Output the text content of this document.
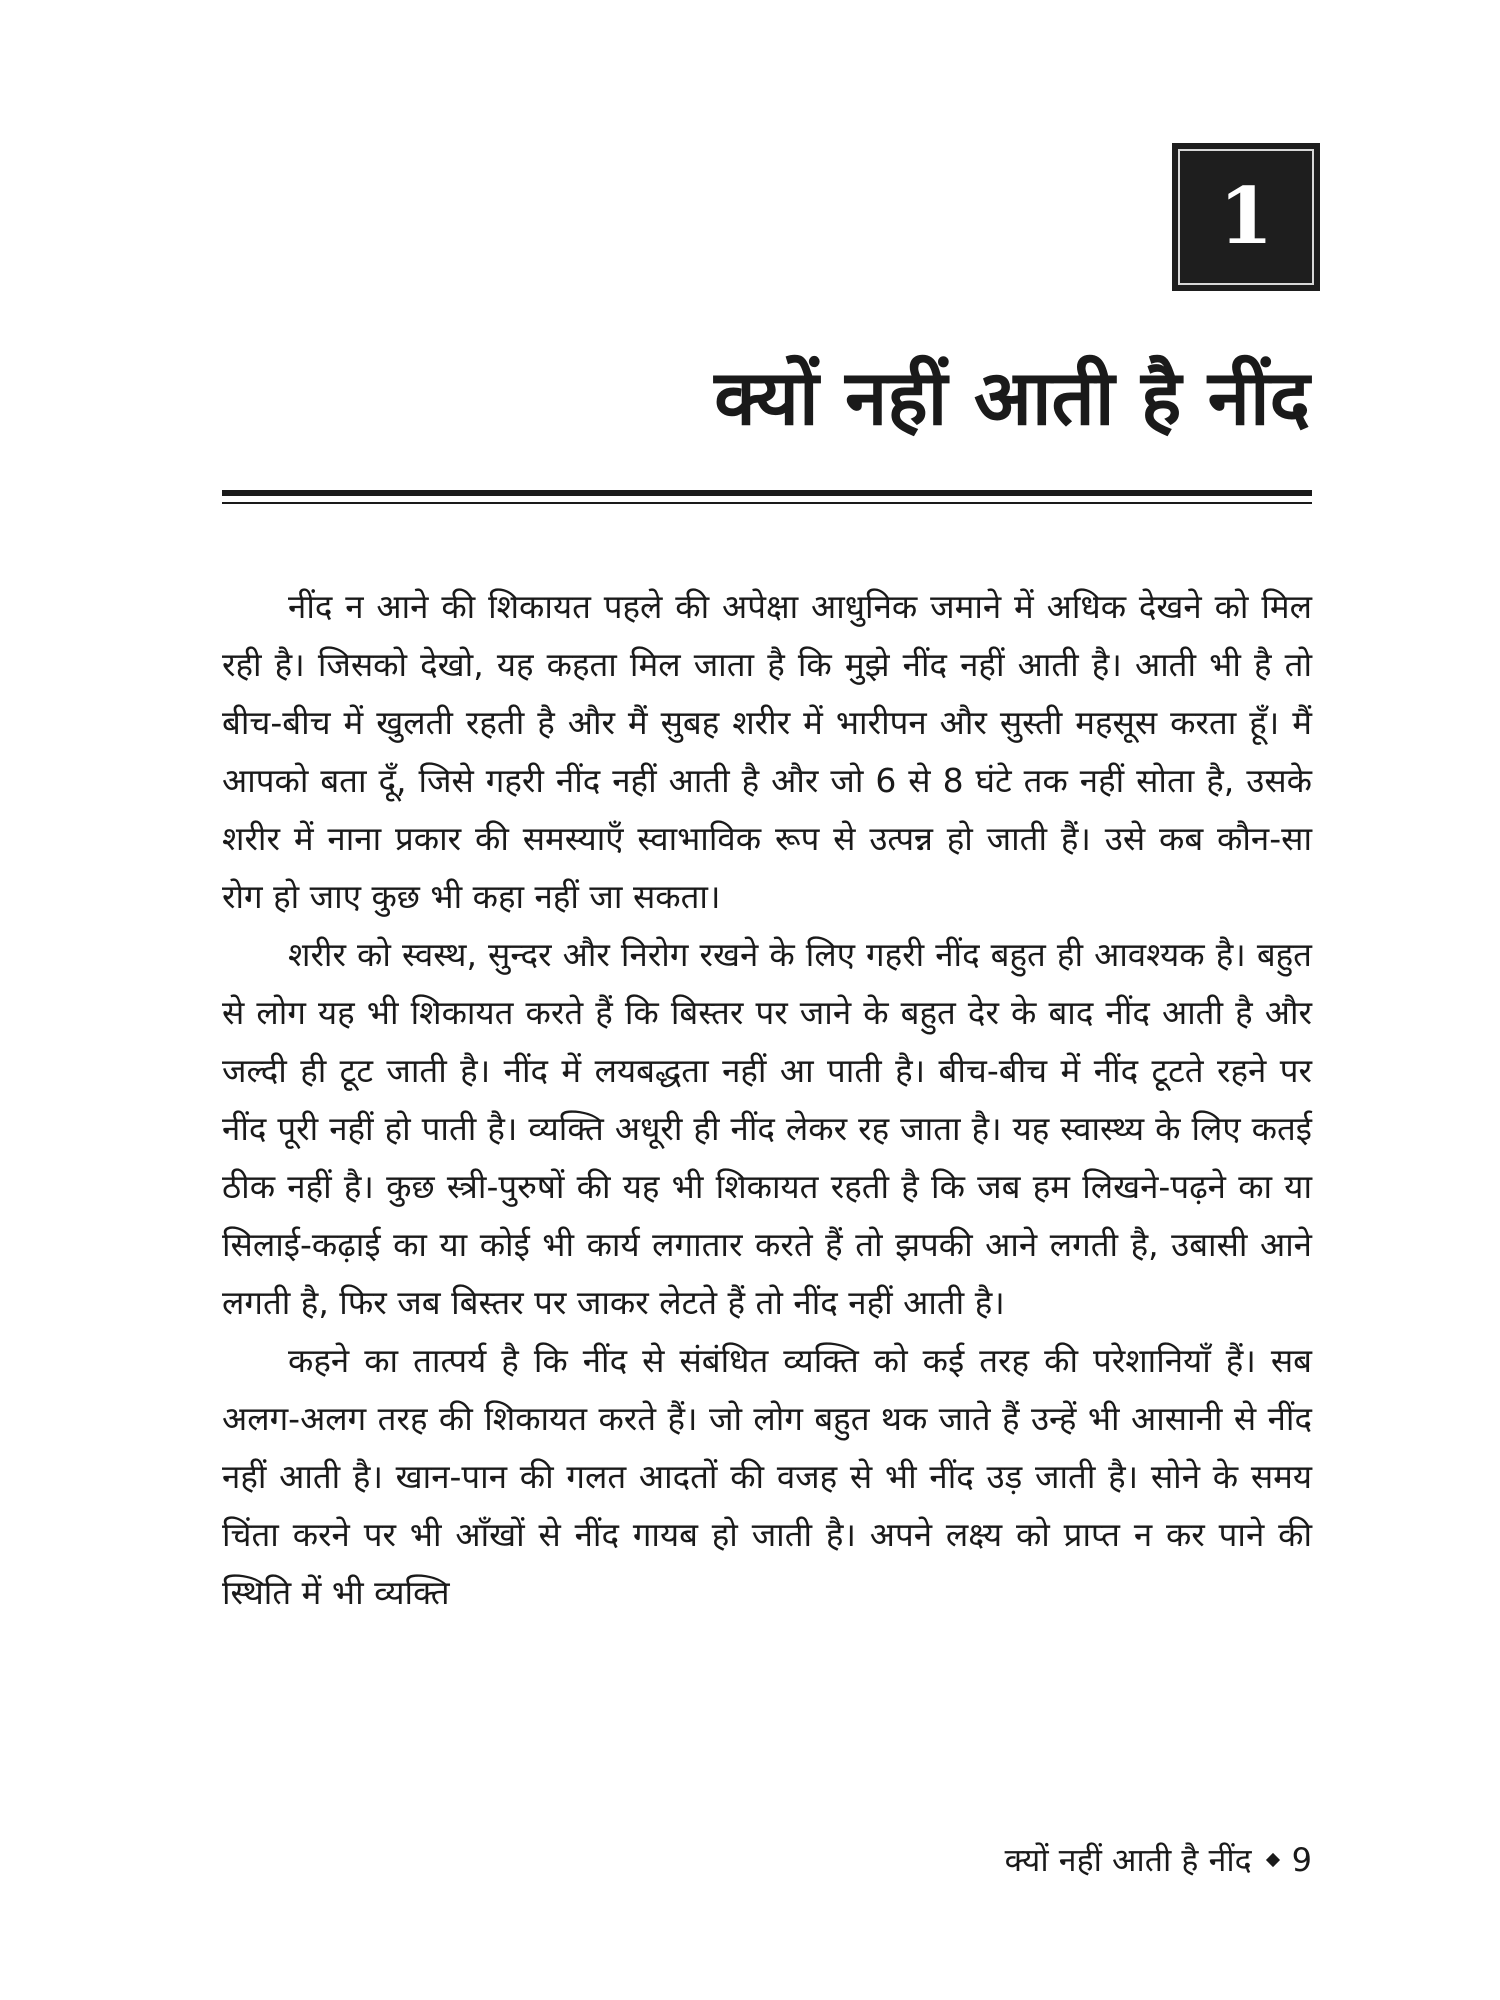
1
क्यों नहीं आती है नींद

नींद न आने की शिकायत पहले की अपेक्षा आधुनिक जमाने में अधिक देखने को मिल रही है। जिसको देखो, यह कहता मिल जाता है कि मुझे नींद नहीं आती है। आती भी है तो बीच-बीच में खुलती रहती है और मैं सुबह शरीर में भारीपन और सुस्ती महसूस करता हूँ। मैं आपको बता दूँ, जिसे गहरी नींद नहीं आती है और जो 6 से 8 घंटे तक नहीं सोता है, उसके शरीर में नाना प्रकार की समस्याएँ स्वाभाविक रूप से उत्पन्न हो जाती हैं। उसे कब कौन-सा रोग हो जाए कुछ भी कहा नहीं जा सकता।

शरीर को स्वस्थ, सुन्दर और निरोग रखने के लिए गहरी नींद बहुत ही आवश्यक है। बहुत से लोग यह भी शिकायत करते हैं कि बिस्तर पर जाने के बहुत देर के बाद नींद आती है और जल्दी ही टूट जाती है। नींद में लयबद्धता नहीं आ पाती है। बीच-बीच में नींद टूटते रहने पर नींद पूरी नहीं हो पाती है। व्यक्ति अधूरी ही नींद लेकर रह जाता है। यह स्वास्थ्य के लिए कतई ठीक नहीं है। कुछ स्त्री-पुरुषों की यह भी शिकायत रहती है कि जब हम लिखने-पढ़ने का या सिलाई-कढ़ाई का या कोई भी कार्य लगातार करते हैं तो झपकी आने लगती है, उबासी आने लगती है, फिर जब बिस्तर पर जाकर लेटते हैं तो नींद नहीं आती है।

कहने का तात्पर्य है कि नींद से संबंधित व्यक्ति को कई तरह की परेशानियाँ हैं। सब अलग-अलग तरह की शिकायत करते हैं। जो लोग बहुत थक जाते हैं उन्हें भी आसानी से नींद नहीं आती है। खान-पान की गलत आदतों की वजह से भी नींद उड़ जाती है। सोने के समय चिंता करने पर भी आँखों से नींद गायब हो जाती है। अपने लक्ष्य को प्राप्त न कर पाने की स्थिति में भी व्यक्ति

क्यों नहीं आती है नींद 9
